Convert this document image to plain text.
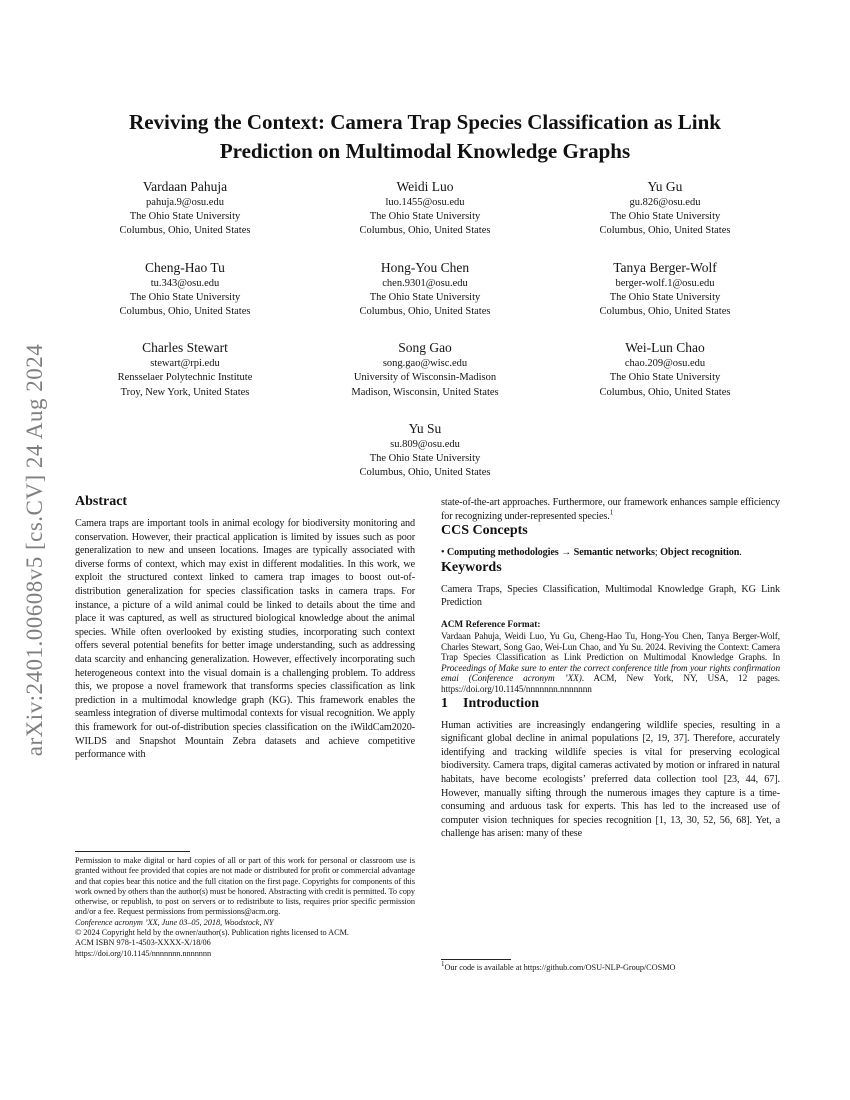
arXiv:2401.00608v5 [cs.CV] 24 Aug 2024
Reviving the Context: Camera Trap Species Classification as Link
Prediction on Multimodal Knowledge Graphs
Vardaan Pahuja
pahuja.9@osu.edu
The Ohio State University
Columbus, Ohio, United States
Weidi Luo
luo.1455@osu.edu
The Ohio State University
Columbus, Ohio, United States
Yu Gu
gu.826@osu.edu
The Ohio State University
Columbus, Ohio, United States
Cheng-Hao Tu
tu.343@osu.edu
The Ohio State University
Columbus, Ohio, United States
Hong-You Chen
chen.9301@osu.edu
The Ohio State University
Columbus, Ohio, United States
Tanya Berger-Wolf
berger-wolf.1@osu.edu
The Ohio State University
Columbus, Ohio, United States
Charles Stewart
stewart@rpi.edu
Rensselaer Polytechnic Institute
Troy, New York, United States
Song Gao
song.gao@wisc.edu
University of Wisconsin-Madison
Madison, Wisconsin, United States
Wei-Lun Chao
chao.209@osu.edu
The Ohio State University
Columbus, Ohio, United States
Yu Su
su.809@osu.edu
The Ohio State University
Columbus, Ohio, United States
Abstract

Camera traps are important tools in animal ecology for biodiversity monitoring and conservation. However, their practical application is limited by issues such as poor generalization to new and unseen locations. Images are typically associated with diverse forms of context, which may exist in different modalities. In this work, we exploit the structured context linked to camera trap images to boost out-of-distribution generalization for species classification tasks in camera traps. For instance, a picture of a wild animal could be linked to details about the time and place it was captured, as well as structured biological knowledge about the animal species. While often overlooked by existing studies, incorporating such context offers several potential benefits for better image understanding, such as addressing data scarcity and enhancing generalization. However, effectively incorporating such heterogeneous context into the visual domain is a challenging problem. To address this, we propose a novel framework that transforms species classification as link prediction in a multimodal knowledge graph (KG). This framework enables the seamless integration of diverse multimodal contexts for visual recognition. We apply this framework for out-of-distribution species classification on the iWildCam2020-WILDS and Snapshot Mountain Zebra datasets and achieve competitive performance with

Permission to make digital or hard copies of all or part of this work for personal or classroom use is granted without fee provided that copies are not made or distributed for profit or commercial advantage and that copies bear this notice and the full citation on the first page. Copyrights for components of this work owned by others than the author(s) must be honored. Abstracting with credit is permitted. To copy otherwise, or republish, to post on servers or to redistribute to lists, requires prior specific permission and/or a fee. Request permissions from permissions@acm.org.

Conference acronym ’XX, June 03–05, 2018, Woodstock, NY

© 2024 Copyright held by the owner/author(s). Publication rights licensed to ACM.

ACM ISBN 978-1-4503-XXXX-X/18/06

https://doi.org/10.1145/nnnnnnn.nnnnnnn

state-of-the-art approaches. Furthermore, our framework enhances sample efficiency for recognizing under-represented species.$^1$

CCS Concepts

• Computing methodologies → Semantic networks; Object recognition.

Keywords

Camera Traps, Species Classification, Multimodal Knowledge Graph, KG Link Prediction

ACM Reference Format:

Vardaan Pahuja, Weidi Luo, Yu Gu, Cheng-Hao Tu, Hong-You Chen, Tanya Berger-Wolf, Charles Stewart, Song Gao, Wei-Lun Chao, and Yu Su. 2024. Reviving the Context: Camera Trap Species Classification as Link Prediction on Multimodal Knowledge Graphs. In Proceedings of Make sure to enter the correct conference title from your rights confirmation emai (Conference acronym ’XX). ACM, New York, NY, USA, 12 pages. https://doi.org/10.1145/nnnnnnn.nnnnnnn

1 Introduction

Human activities are increasingly endangering wildlife species, resulting in a significant global decline in animal populations [2, 19, 37]. Therefore, accurately identifying and tracking wildlife species is vital for preserving ecological biodiversity. Camera traps, digital cameras activated by motion or infrared in natural habitats, have become ecologists’ preferred data collection tool [23, 44, 67]. However, manually sifting through the numerous images they capture is a time-consuming and arduous task for experts. This has led to the increased use of computer vision techniques for species recognition [1, 13, 30, 52, 56, 68]. Yet, a challenge has arisen: many of these

$^1$Our code is available at https://github.com/OSU-NLP-Group/COSMO
